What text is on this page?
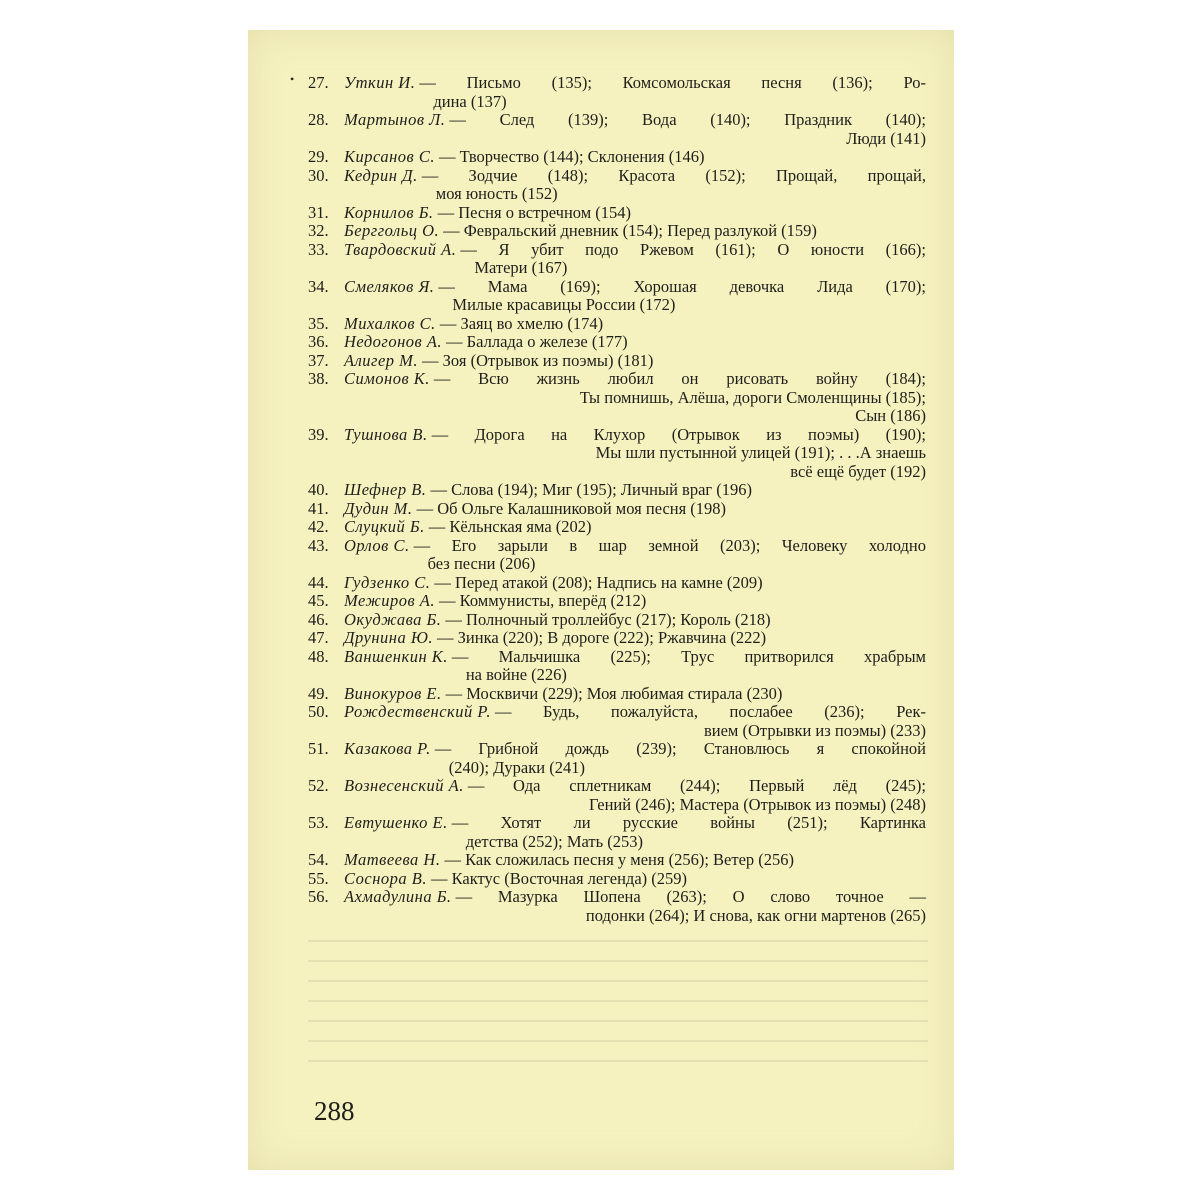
• 27. Уткин И. — Письмо (135); Комсомольская песня (136); Ро-
дина (137)
28. Мартынов Л. — След (139); Вода (140); Праздник (140);
Люди (141)
29. Кирсанов С. — Творчество (144); Склонения (146)
30. Кедрин Д. — Зодчие (148); Красота (152); Прощай, прощай,
моя юность (152)
31. Корнилов Б. — Песня о встречном (154)
32. Берггольц О. — Февральский дневник (154); Перед разлукой (159)
33. Твардовский А. — Я убит подо Ржевом (161); О юности (166);
Матери (167)
34. Смеляков Я. — Мама (169); Хорошая девочка Лида (170);
Милые красавицы России (172)
35. Михалков С. — Заяц во хмелю (174)
36. Недогонов А. — Баллада о железе (177)
37. Алигер М. — Зоя (Отрывок из поэмы) (181)
38. Симонов К. — Всю жизнь любил он рисовать войну (184);
Ты помнишь, Алёша, дороги Смоленщины (185);
Сын (186)
39. Тушнова В. — Дорога на Клухор (Отрывок из поэмы) (190);
Мы шли пустынной улицей (191); . . .А знаешь
всё ещё будет (192)
40. Шефнер В. — Слова (194); Миг (195); Личный враг (196)
41. Дудин М. — Об Ольге Калашниковой моя песня (198)
42. Слуцкий Б. — Кёльнская яма (202)
43. Орлов С. — Его зарыли в шар земной (203); Человеку холодно
без песни (206)
44. Гудзенко С. — Перед атакой (208); Надпись на камне (209)
45. Межиров А. — Коммунисты, вперёд (212)
46. Окуджава Б. — Полночный троллейбус (217); Король (218)
47. Друнина Ю. — Зинка (220); В дороге (222); Ржавчина (222)
48. Ваншенкин К. — Мальчишка (225); Трус притворился храбрым
на войне (226)
49. Винокуров Е. — Москвичи (229); Моя любимая стирала (230)
50. Рождественский Р. — Будь, пожалуйста, послабее (236); Рек-
вием (Отрывки из поэмы) (233)
51. Казакова Р. — Грибной дождь (239); Становлюсь я спокойной
(240); Дураки (241)
52. Вознесенский А. — Ода сплетникам (244); Первый лёд (245);
Гений (246); Мастера (Отрывок из поэмы) (248)
53. Евтушенко Е. — Хотят ли русские войны (251); Картинка
детства (252); Мать (253)
54. Матвеева Н. — Как сложилась песня у меня (256); Ветер (256)
55. Соснора В. — Кактус (Восточная легенда) (259)
56. Ахмадулина Б. — Мазурка Шопена (263); О слово точное —
подонки (264); И снова, как огни мартенов (265)
288
